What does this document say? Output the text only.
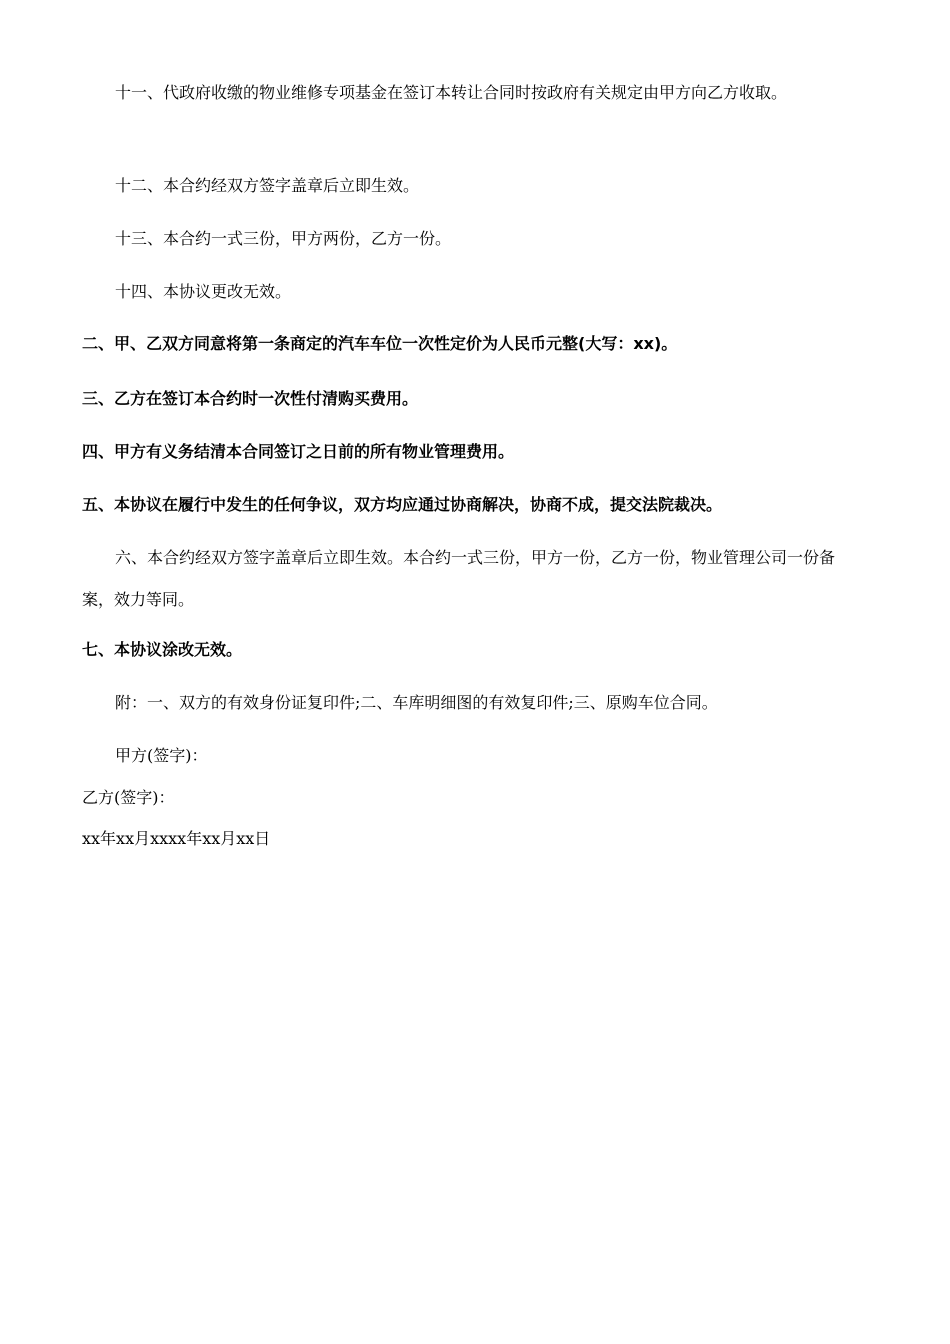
十一、代政府收缴的物业维修专项基金在签订本转让合同时按政府有关规定由甲方向乙方收取。

十二、本合约经双方签字盖章后立即生效。

十三、本合约一式三份，甲方两份，乙方一份。

十四、本协议更改无效。

二、甲、乙双方同意将第一条商定的汽车车位一次性定价为人民币元整(大写：xx)。

三、乙方在签订本合约时一次性付清购买费用。

四、甲方有义务结清本合同签订之日前的所有物业管理费用。

五、本协议在履行中发生的任何争议，双方均应通过协商解决，协商不成，提交法院裁决。

六、本合约经双方签字盖章后立即生效。本合约一式三份，甲方一份，乙方一份，物业管理公司一份备案，效力等同。

七、本协议涂改无效。

附：一、双方的有效身份证复印件;二、车库明细图的有效复印件;三、原购车位合同。

甲方(签字)：

乙方(签字)：

xx年xx月xxxx年xx月xx日
